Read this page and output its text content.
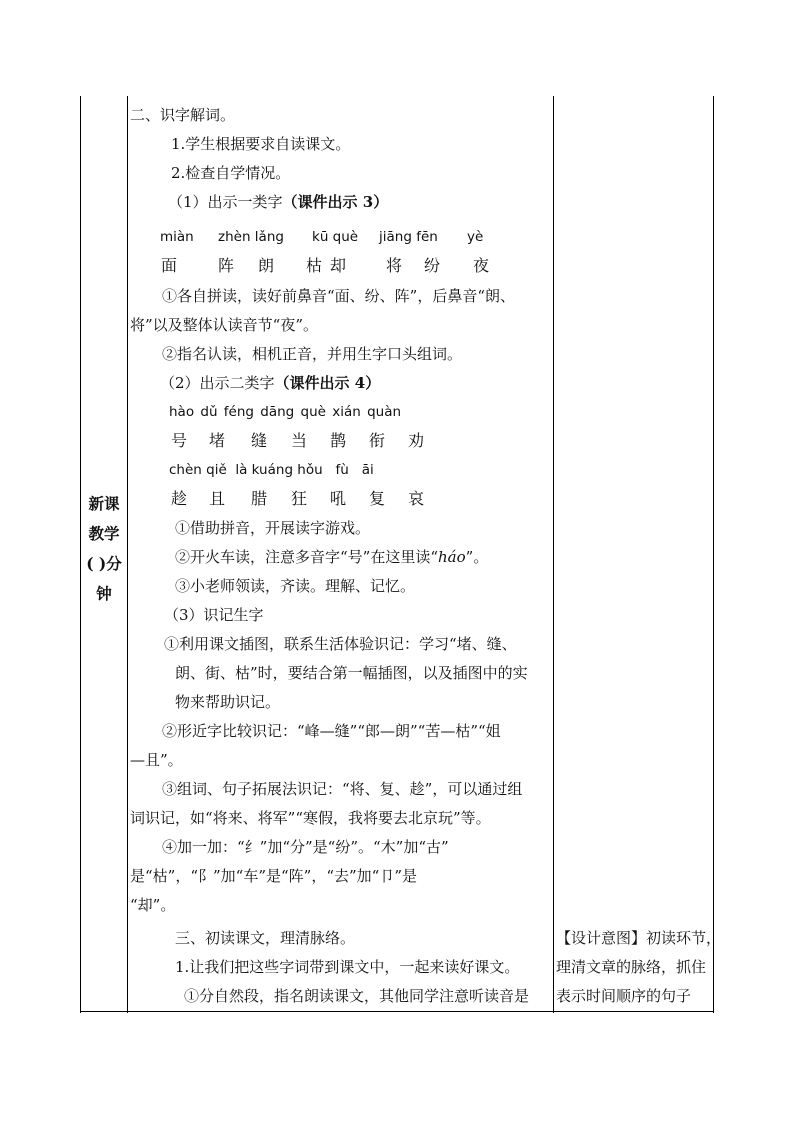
新课
教学
( )分
钟
二、识字解词。
1.学生根据要求自读课文。
2.检查自学情况。
（1）出示一类字（课件出示 3）
miàn zhèn lǎng kū què jiāng fēn yè
面	阵 朗 枯 却 将 纷 夜
①各自拼读，读好前鼻音“面、纷、阵”，后鼻音“朗、
将”以及整体认读音节“夜”。
②指名认读，相机正音，并用生字口头组词。
（2）出示二类字（课件出示 4）
hào dǔ féng dāng què xián quàn
号 堵 缝 当 鹊 衔 劝
chèn qiě  là kuáng hǒu   fù   āi
趁 且 腊 狂 吼 复 哀
①借助拼音，开展读字游戏。
②开火车读，注意多音字“号”在这里读“háo”。
③小老师领读，齐读。理解、记忆。
（3）识记生字
①利用课文插图，联系生活体验识记：学习“堵、缝、
朗、街、枯”时，要结合第一幅插图，以及插图中的实
物来帮助识记。
②形近字比较识记：“峰—缝”“郎—朗”“苦—枯”“姐
—且”。
③组词、句子拓展法识记：“将、复、趁”，可以通过组
词识记，如“将来、将军”“寒假，我将要去北京玩”等。
④加一加：“纟”加“分”是“纷”。“木”加“古”
是“枯”，“阝”加“车”是“阵”，“去”加“卩”是
“却”。
三、初读课文，理清脉络。
1.让我们把这些字词带到课文中，一起来读好课文。
①分自然段，指名朗读课文，其他同学注意听读音是
【设计意图】初读环节，
理清文章的脉络，抓住
表示时间顺序的句子
